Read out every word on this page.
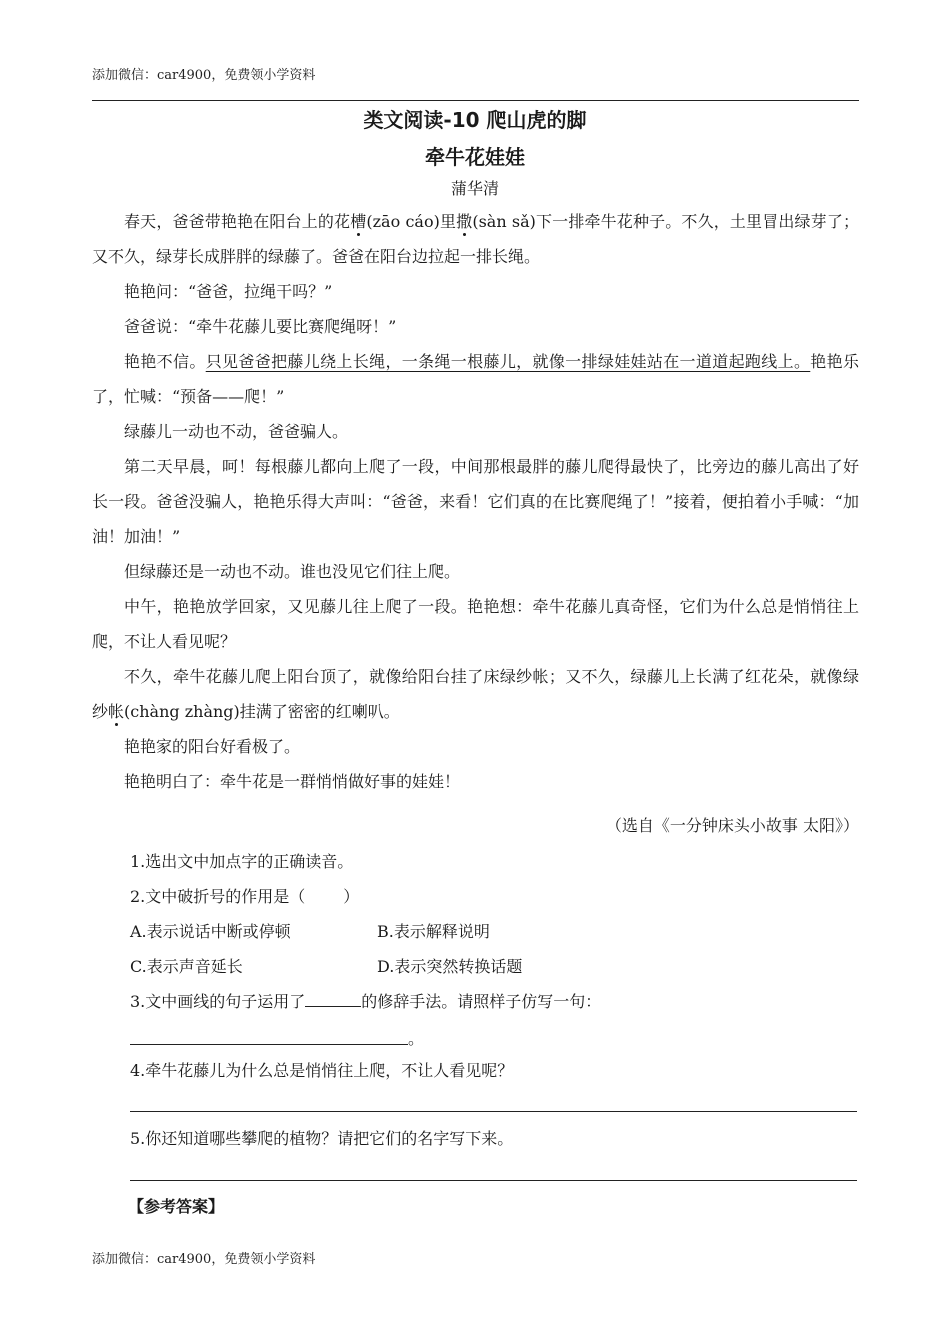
添加微信：car4900，免费领小学资料
类文阅读-10 爬山虎的脚
牵牛花娃娃
蒲华清

春天，爸爸带艳艳在阳台上的花槽(zāo cáo)里撒(sàn sǎ)下一排牵牛花种子。不久，土里冒出绿芽了；又不久，绿芽长成胖胖的绿藤了。爸爸在阳台边拉起一排长绳。

艳艳问：“爸爸，拉绳干吗？”

爸爸说：“牵牛花藤儿要比赛爬绳呀！”

艳艳不信。只见爸爸把藤儿绕上长绳，一条绳一根藤儿，就像一排绿娃娃站在一道道起跑线上。艳艳乐了，忙喊：“预备——爬！”

绿藤儿一动也不动，爸爸骗人。

第二天早晨，呵！每根藤儿都向上爬了一段，中间那根最胖的藤儿爬得最快了，比旁边的藤儿高出了好长一段。爸爸没骗人，艳艳乐得大声叫：“爸爸，来看！它们真的在比赛爬绳了！”接着，便拍着小手喊：“加油！加油！”

但绿藤还是一动也不动。谁也没见它们往上爬。

中午，艳艳放学回家，又见藤儿往上爬了一段。艳艳想：牵牛花藤儿真奇怪，它们为什么总是悄悄往上爬，不让人看见呢？

不久，牵牛花藤儿爬上阳台顶了，就像给阳台挂了床绿纱帐；又不久，绿藤儿上长满了红花朵，就像绿纱帐(chàng zhàng)挂满了密密的红喇叭。

艳艳家的阳台好看极了。

艳艳明白了：牵牛花是一群悄悄做好事的娃娃！

（选自《一分钟床头小故事 太阳》）
1.选出文中加点字的正确读音。
2.文中破折号的作用是（ ）
A.表示说话中断或停顿	B.表示解释说明
C.表示声音延长	D.表示突然转换话题
3.文中画线的句子运用了	的修辞手法。请照样子仿写一句：
。
4.牵牛花藤儿为什么总是悄悄往上爬，不让人看见呢？
5.你还知道哪些攀爬的植物？请把它们的名字写下来。
【参考答案】
添加微信：car4900，免费领小学资料
